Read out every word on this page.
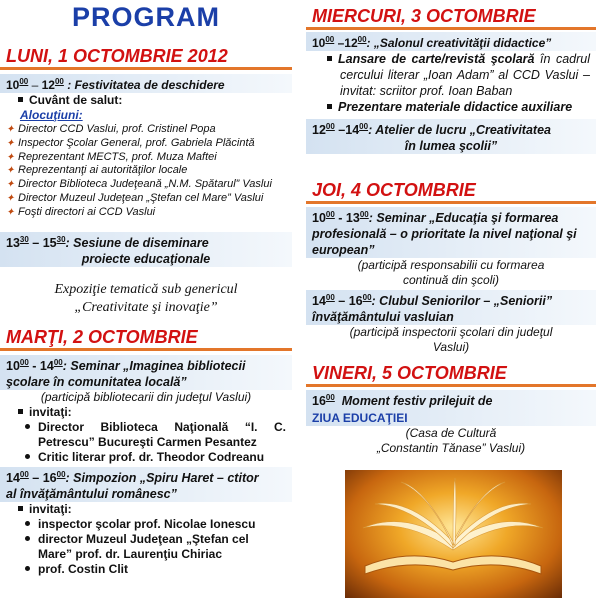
PROGRAM
LUNI, 1 OCTOMBRIE 2012
$10^{00} - 12^{00}$ : Festivitatea de deschidere
Cuvânt de salut:
Alocuţiuni:
✦ Director CCD Vaslui, prof. Cristinel Popa
✦ Inspector Şcolar General, prof. Gabriela Plăcintă
✦ Reprezentant MECTS, prof. Muza Maftei
✦ Reprezentanţi ai autorităţilor locale
✦ Director Biblioteca Judeţeană „N.M. Spătarul” Vaslui
✦ Director Muzeul Judeţean „Ştefan cel Mare” Vaslui
✦ Foşti directori ai CCD Vaslui
$13^{30} - 15^{30}$: Sesiune de diseminare
proiecte educaţionale
Expoziţie tematică sub genericul
„Creativitate şi inovaţie”
MARŢI, 2 OCTOMBRIE
$10^{00} - 14^{00}$: Seminar „Imaginea bibliotecii
şcolare în comunitatea locală”
(participă bibliotecarii din judeţul Vaslui)
invitaţi:
Director Biblioteca Naţională “I. C. Petrescu” Bucureşti Carmen Pesantez
Critic literar prof. dr. Theodor Codreanu
$14^{00} - 16^{00}$: Simpozion „Spiru Haret – ctitor
al învăţământului românesc”
invitaţi:
inspector şcolar prof. Nicolae Ionescu
director Muzeul Judeţean „Ştefan cel Mare” prof. dr. Laurenţiu Chiriac
prof. Costin Clit
MIERCURI, 3 OCTOMBRIE
$10^{00}$ $-12^{00}$: „Salonul creativităţii didactice”
Lansare de carte/revistă şcolară în cadrul cercului literar „Ioan Adam” al CCD Vaslui – invitat: scriitor prof. Ioan Baban
Prezentare materiale didactice auxiliare
$12^{00}$ $-14^{00}$: Atelier de lucru „Creativitatea
în lumea şcolii”
JOI, 4 OCTOMBRIE
$10^{00} - 13^{00}$: Seminar „Educaţia şi formarea profesională – o prioritate la nivel naţional şi european”
(participă responsabilii cu formarea
continuă din şcoli)
$14^{00} - 16^{00}$: Clubul Seniorilor – „Seniorii” învăţământului vasluian
(participă inspectorii şcolari din judeţul
Vaslui)
VINERI, 5 OCTOMBRIE
$16^{00}$ Moment festiv prilejuit de
ZIUA EDUCAŢIEI
(Casa de Cultură
„Constantin Tănase” Vaslui)
